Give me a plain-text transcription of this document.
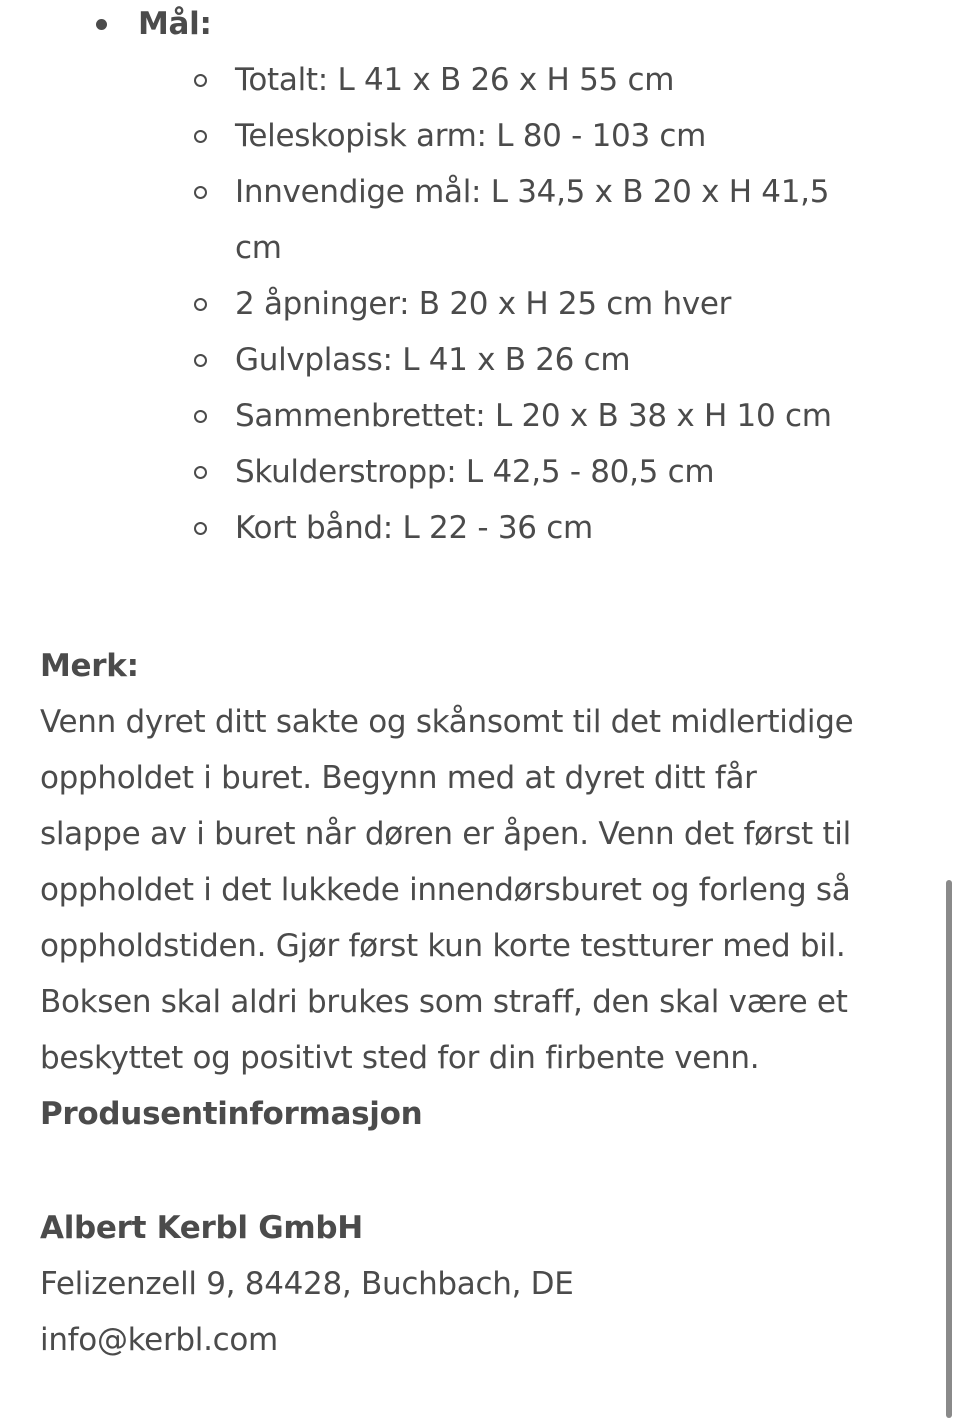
Mål:
Totalt: L 41 x B 26 x H 55 cm
Teleskopisk arm: L 80 - 103 cm
Innvendige mål: L 34,5 x B 20 x H 41,5
cm
2 åpninger: B 20 x H 25 cm hver
Gulvplass: L 41 x B 26 cm
Sammenbrettet: L 20 x B 38 x H 10 cm
Skulderstropp: L 42,5 - 80,5 cm
Kort bånd: L 22 - 36 cm
Merk:
Venn dyret ditt sakte og skånsomt til det midlertidige
oppholdet i buret. Begynn med at dyret ditt får
slappe av i buret når døren er åpen. Venn det først til
oppholdet i det lukkede innendørsburet og forleng så
oppholdstiden. Gjør først kun korte testturer med bil.
Boksen skal aldri brukes som straff, den skal være et
beskyttet og positivt sted for din firbente venn.
Produsentinformasjon
Albert Kerbl GmbH
Felizenzell 9, 84428, Buchbach, DE
info@kerbl.com
